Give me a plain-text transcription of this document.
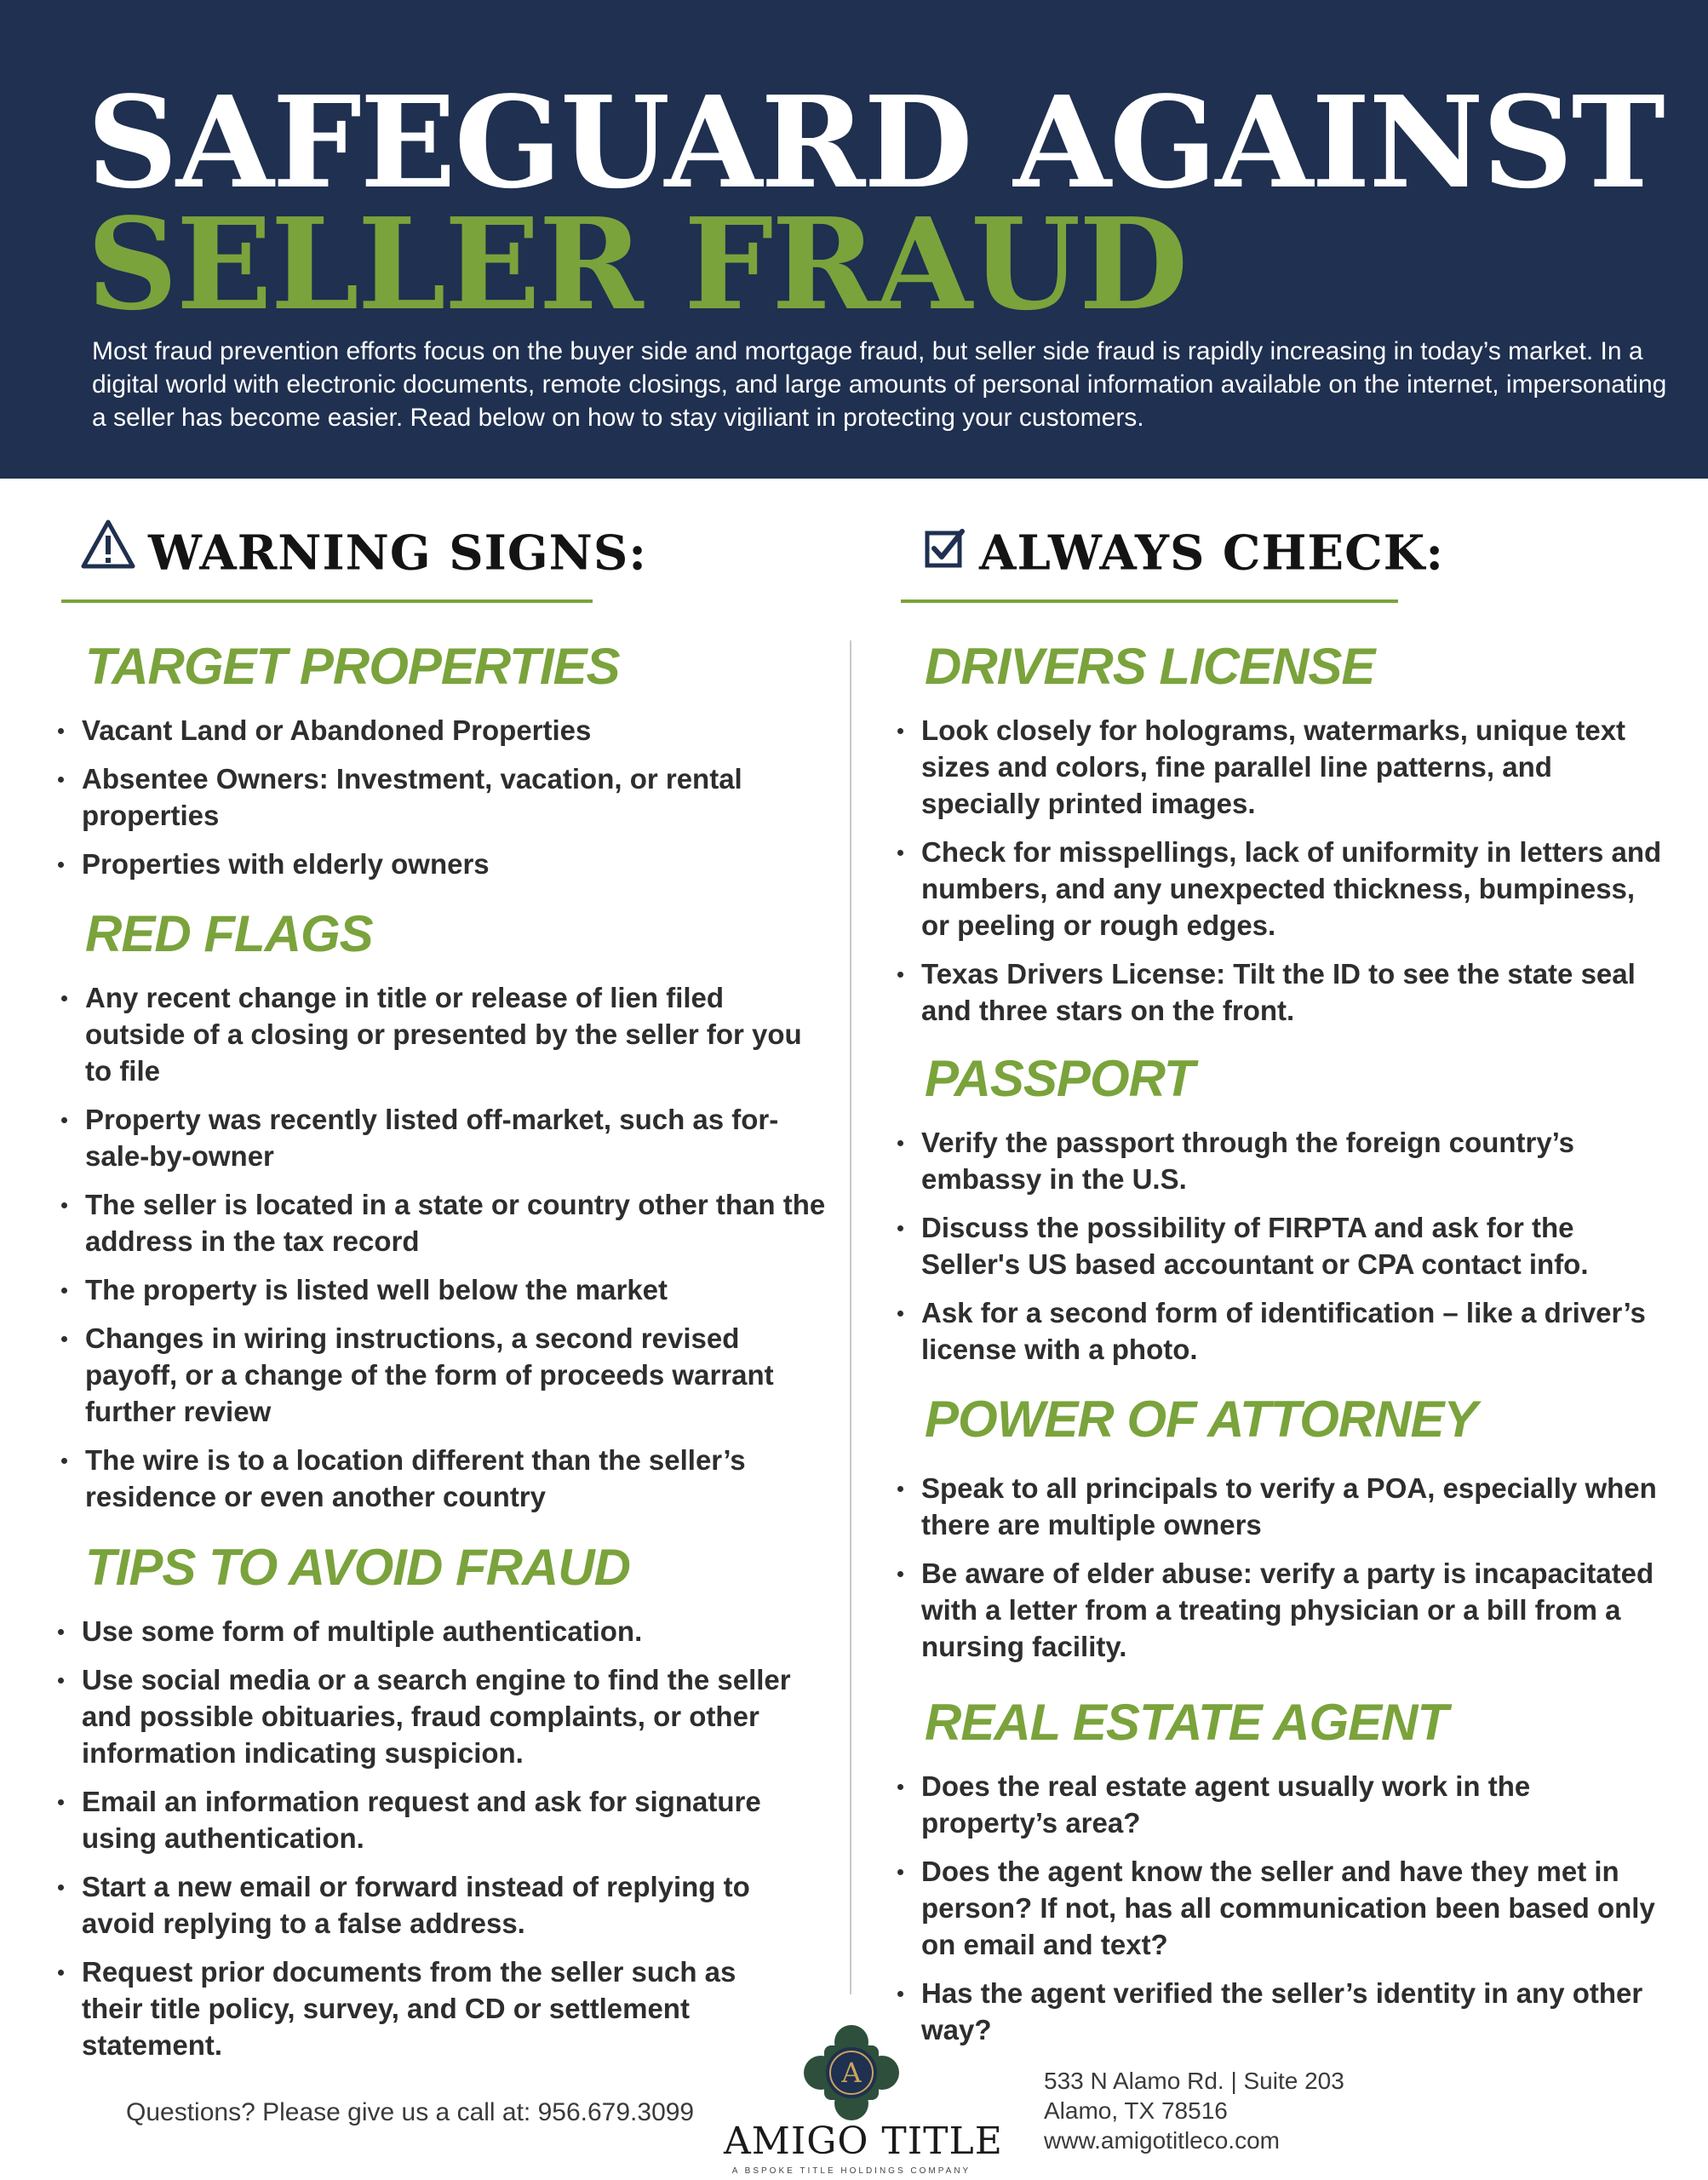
SAFEGUARD AGAINST
SELLER FRAUD

Most fraud prevention efforts focus on the buyer side and mortgage fraud, but seller side fraud is rapidly increasing in today’s market. In a digital world with electronic documents, remote closings, and large amounts of personal information available on the internet, impersonating a seller has become easier. Read below on how to stay vigiliant in protecting your customers.

WARNING SIGNS:	ALWAYS CHECK:
TARGET PROPERTIES
Vacant Land or Abandoned Properties
Absentee Owners: Investment, vacation, or rental properties
Properties with elderly owners
RED FLAGS
Any recent change in title or release of lien filed outside of a closing or presented by the seller for you to file
Property was recently listed off-market, such as for-sale-by-owner
The seller is located in a state or country other than the address in the tax record
The property is listed well below the market
Changes in wiring instructions, a second revised payoff, or a change of the form of proceeds warrant further review
The wire is to a location different than the seller’s residence or even another country
TIPS TO AVOID FRAUD
Use some form of multiple authentication.
Use social media or a search engine to find the seller and possible obituaries, fraud complaints, or other information indicating suspicion.
Email an information request and ask for signature using authentication.
Start a new email or forward instead of replying to avoid replying to a false address.
Request prior documents from the seller such as their title policy, survey, and CD or settlement statement.
DRIVERS LICENSE
Look closely for holograms, watermarks, unique text sizes and colors, fine parallel line patterns, and specially printed images.
Check for misspellings, lack of uniformity in letters and numbers, and any unexpected thickness, bumpiness, or peeling or rough edges.
Texas Drivers License: Tilt the ID to see the state seal and three stars on the front.
PASSPORT
Verify the passport through the foreign country’s embassy in the U.S.
Discuss the possibility of FIRPTA and ask for the Seller's US based accountant or CPA contact info.
Ask for a second form of identification – like a driver’s license with a photo.
POWER OF ATTORNEY
Speak to all principals to verify a POA, especially when there are multiple owners
Be aware of elder abuse: verify a party is incapacitated with a letter from a treating physician or a bill from a nursing facility.
REAL ESTATE AGENT
Does the real estate agent usually work in the property’s area?
Does the agent know the seller and have they met in person? If not, has all communication been based only on email and text?
Has the agent verified the seller’s identity in any other way?

Questions? Please give us a call at: 956.679.3099

A

AMIGO TITLE

A BSPOKE TITLE HOLDINGS COMPANY

533 N Alamo Rd. | Suite 203

Alamo, TX 78516

www.amigotitleco.com
